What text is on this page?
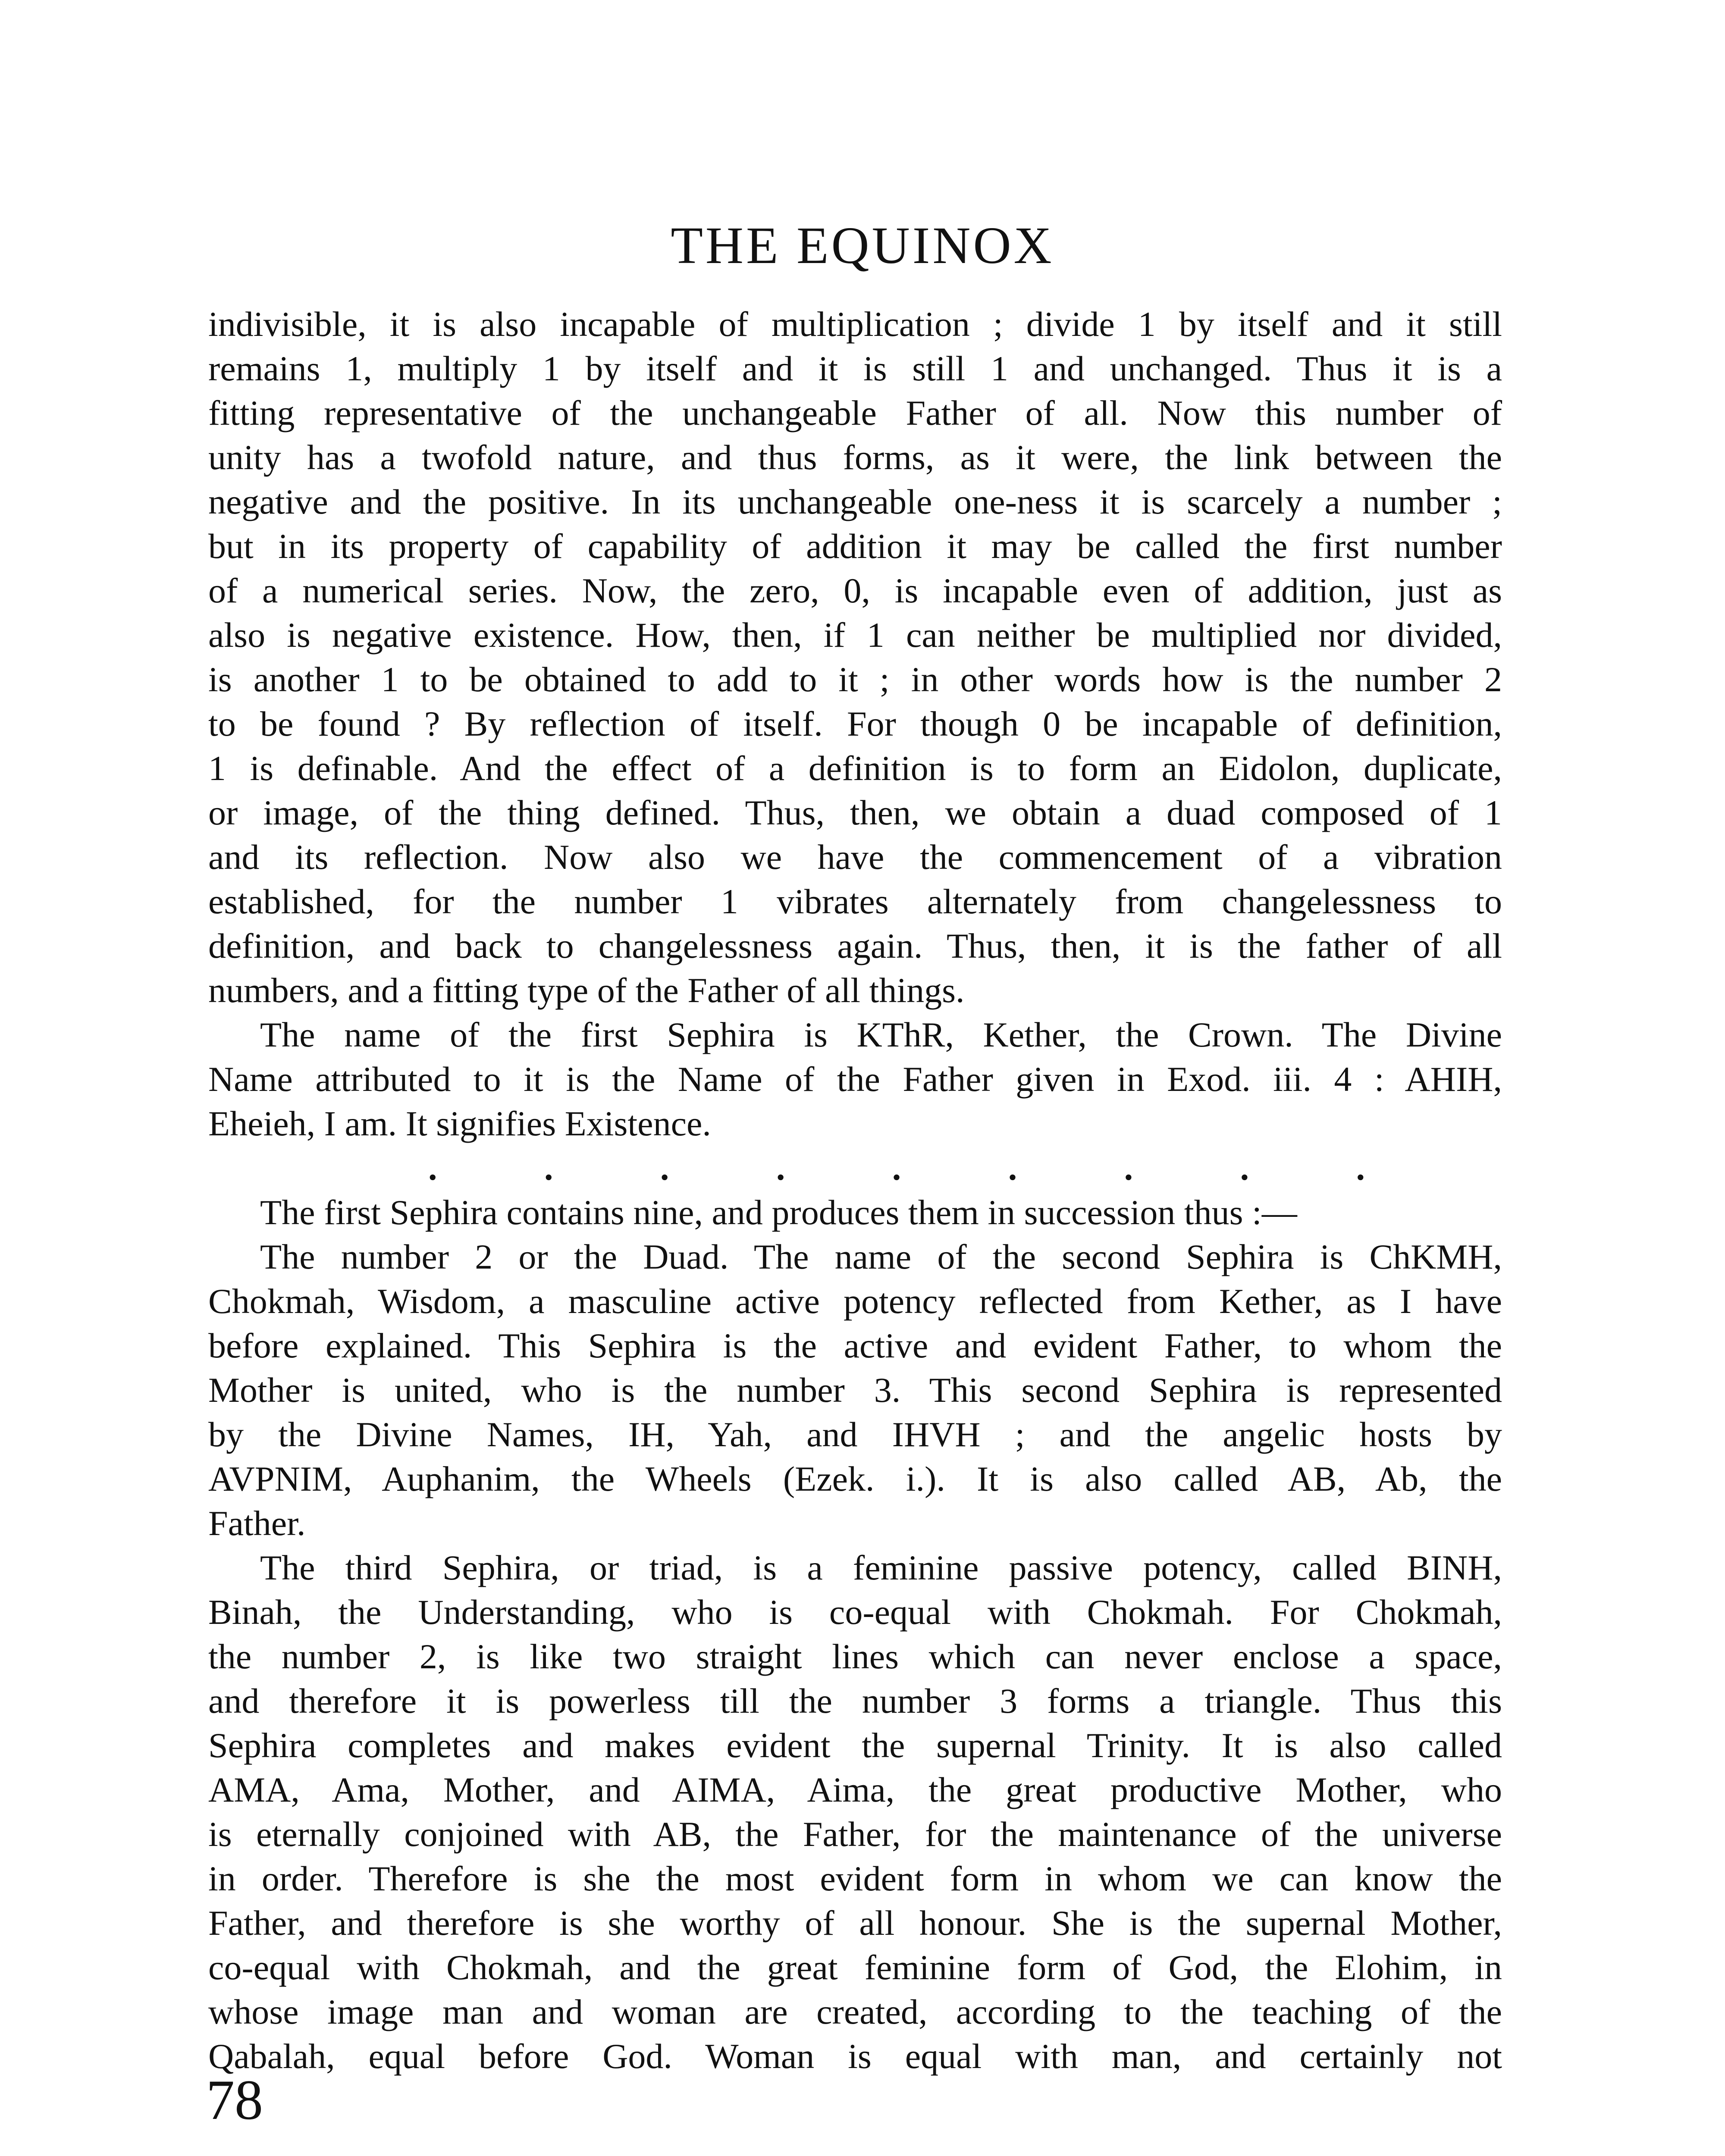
THE EQUINOX
indivisible, it is also incapable of multiplication ; divide 1 by itself and it still
remains 1, multiply 1 by itself and it is still 1 and unchanged. Thus it is a
fitting representative of the unchangeable Father of all. Now this number of
unity has a twofold nature, and thus forms, as it were, the link between the
negative and the positive. In its unchangeable one-ness it is scarcely a number ;
but in its property of capability of addition it may be called the first number
of a numerical series. Now, the zero, 0, is incapable even of addition, just as
also is negative existence. How, then, if 1 can neither be multiplied nor divided,
is another 1 to be obtained to add to it ; in other words how is the number 2
to be found ? By reflection of itself. For though 0 be incapable of definition,
1 is definable. And the effect of a definition is to form an Eidolon, duplicate,
or image, of the thing defined. Thus, then, we obtain a duad composed of 1
and its reflection. Now also we have the commencement of a vibration
established, for the number 1 vibrates alternately from changelessness to
definition, and back to changelessness again. Thus, then, it is the father of all
numbers, and a fitting type of the Father of all things.
The name of the first Sephira is KThR, Kether, the Crown. The Divine
Name attributed to it is the Name of the Father given in Exod. iii. 4 : AHIH,
Eheieh, I am. It signifies Existence.
. . . . . . . . .
The first Sephira contains nine, and produces them in succession thus :—
The number 2 or the Duad. The name of the second Sephira is ChKMH,
Chokmah, Wisdom, a masculine active potency reflected from Kether, as I have
before explained. This Sephira is the active and evident Father, to whom the
Mother is united, who is the number 3. This second Sephira is represented
by the Divine Names, IH, Yah, and IHVH ; and the angelic hosts by
AVPNIM, Auphanim, the Wheels (Ezek. i.). It is also called AB, Ab, the
Father.
The third Sephira, or triad, is a feminine passive potency, called BINH,
Binah, the Understanding, who is co-equal with Chokmah. For Chokmah,
the number 2, is like two straight lines which can never enclose a space,
and therefore it is powerless till the number 3 forms a triangle. Thus this
Sephira completes and makes evident the supernal Trinity. It is also called
AMA, Ama, Mother, and AIMA, Aima, the great productive Mother, who
is eternally conjoined with AB, the Father, for the maintenance of the universe
in order. Therefore is she the most evident form in whom we can know the
Father, and therefore is she worthy of all honour. She is the supernal Mother,
co-equal with Chokmah, and the great feminine form of God, the Elohim, in
whose image man and woman are created, according to the teaching of the
Qabalah, equal before God. Woman is equal with man, and certainly not
78
